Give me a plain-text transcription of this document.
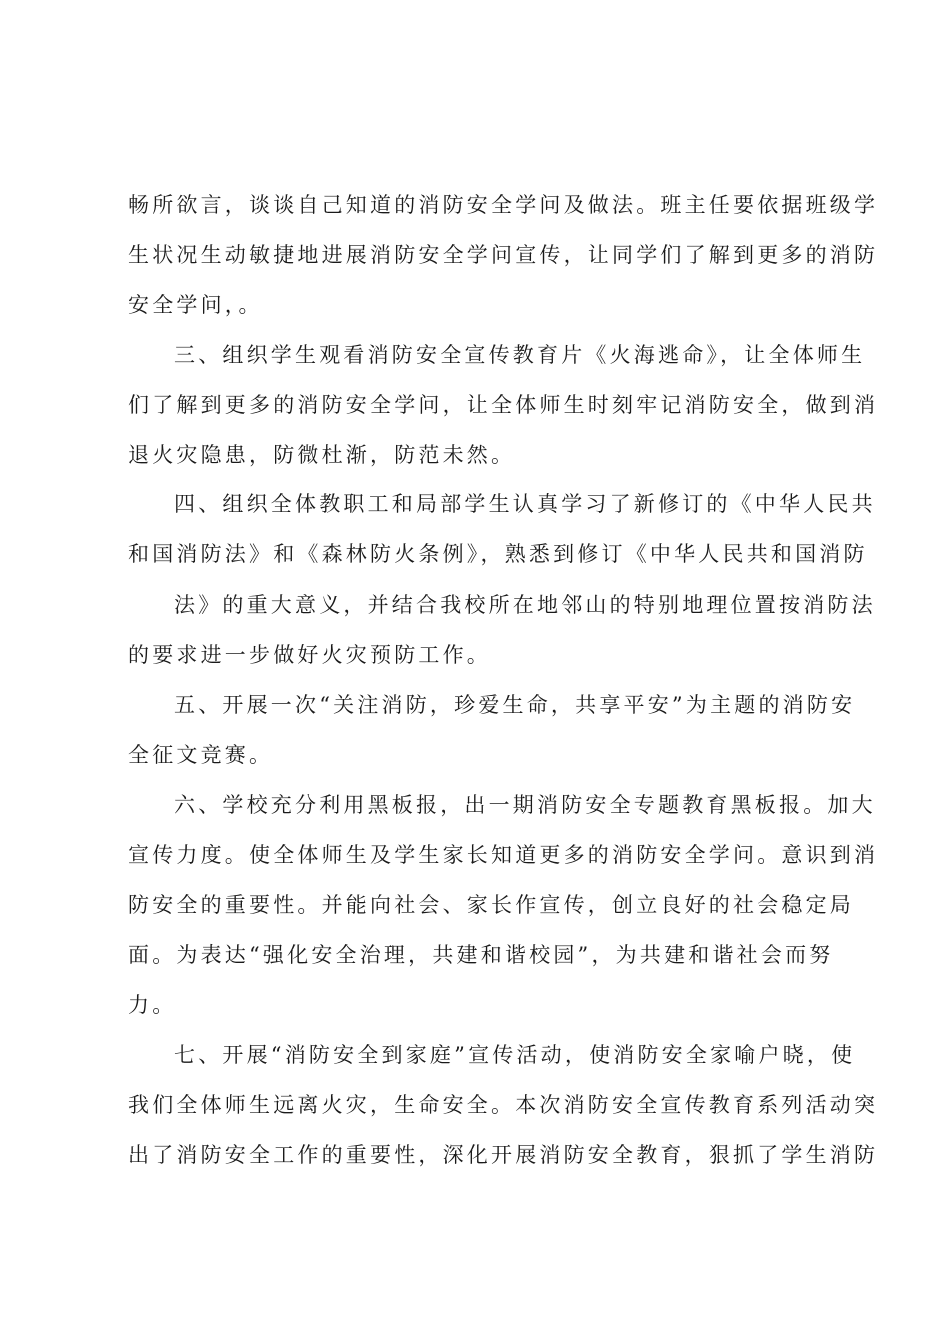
畅所欲言，谈谈自己知道的消防安全学问及做法。班主任要依据班级学
生状况生动敏捷地进展消防安全学问宣传，让同学们了解到更多的消防
安全学问，。
三、组织学生观看消防安全宣传教育片《火海逃命》，让全体师生
们了解到更多的消防安全学问，让全体师生时刻牢记消防安全，做到消
退火灾隐患，防微杜渐，防范未然。
四、组织全体教职工和局部学生认真学习了新修订的《中华人民共
和国消防法》和《森林防火条例》，熟悉到修订《中华人民共和国消防
法》的重大意义，并结合我校所在地邻山的特别地理位置按消防法
的要求进一步做好火灾预防工作。
五、开展一次“关注消防，珍爱生命，共享平安”为主题的消防安
全征文竞赛。
六、学校充分利用黑板报，出一期消防安全专题教育黑板报。加大
宣传力度。使全体师生及学生家长知道更多的消防安全学问。意识到消
防安全的重要性。并能向社会、家长作宣传，创立良好的社会稳定局
面。为表达“强化安全治理，共建和谐校园”，为共建和谐社会而努
力。
七、开展“消防安全到家庭”宣传活动，使消防安全家喻户晓，使
我们全体师生远离火灾，生命安全。本次消防安全宣传教育系列活动突
出了消防安全工作的重要性，深化开展消防安全教育，狠抓了学生消防
